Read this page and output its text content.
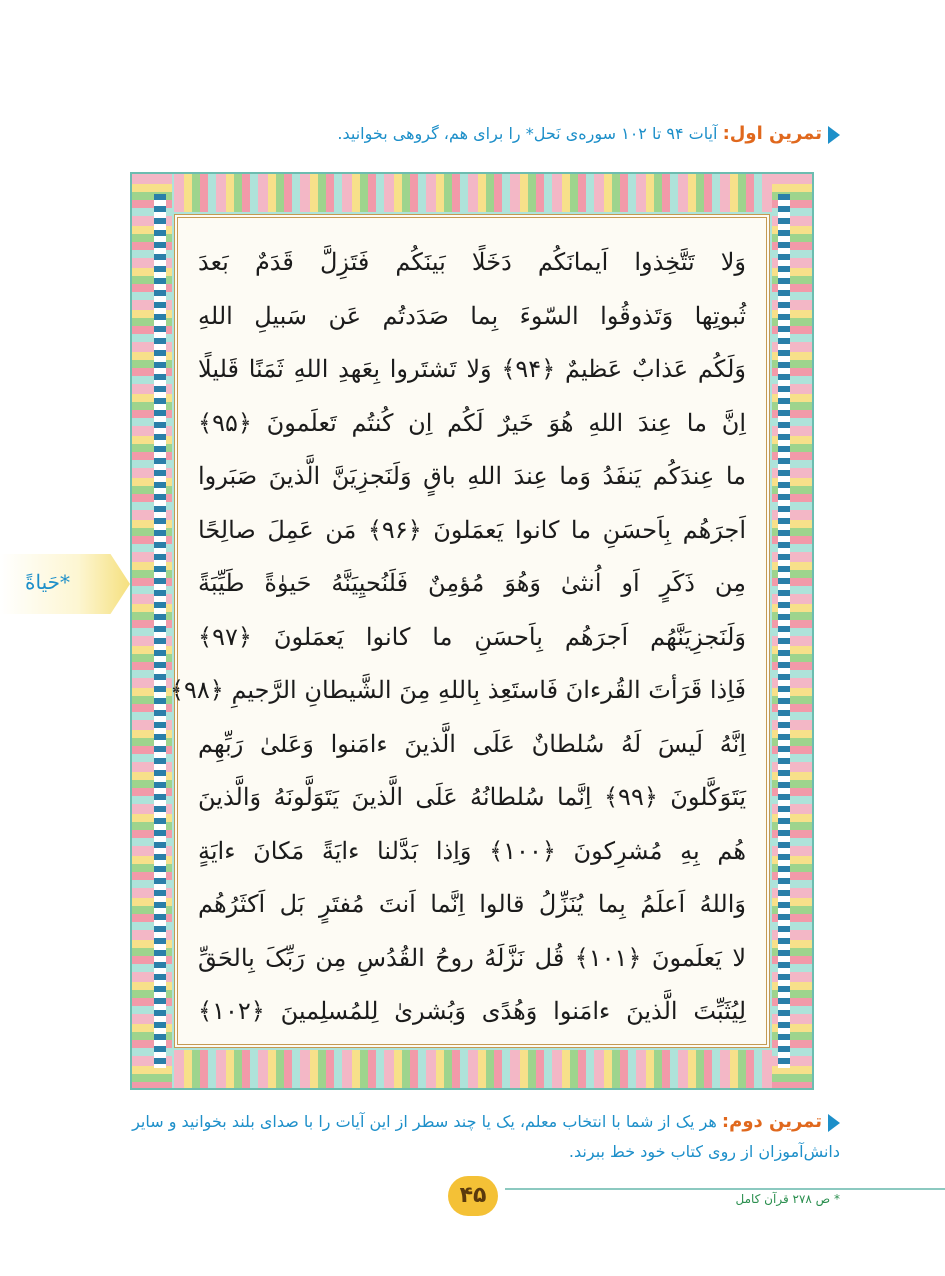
تمرین اول: آیات ۹۴ تا ۱۰۲ سوره‌ی نَحل* را برای هم، گروهی بخوانید.
وَلا تَتَّخِذوا اَیمانَکُم دَخَلًا بَینَکُم فَتَزِلَّ قَدَمٌ بَعدَ
ثُبوتِها وَتَذوقُوا السّوءَ بِما صَدَدتُم عَن سَبیلِ اللهِ
وَلَکُم عَذابٌ عَظیمٌ ﴿۹۴﴾ وَلا تَشتَروا بِعَهدِ اللهِ ثَمَنًا قَلیلًا
اِنَّ ما عِندَ اللهِ هُوَ خَیرٌ لَکُم اِن کُنتُم تَعلَمونَ ﴿۹۵﴾
ما عِندَکُم یَنفَدُ وَما عِندَ اللهِ باقٍ وَلَنَجزِیَنَّ الَّذینَ صَبَروا
اَجرَهُم بِاَحسَنِ ما کانوا یَعمَلونَ ﴿۹۶﴾ مَن عَمِلَ صالِحًا
مِن ذَکَرٍ اَو اُنثیٰ وَهُوَ مُؤمِنٌ فَلَنُحیِیَنَّهُ حَیوٰةً طَیِّبَةً
وَلَنَجزِیَنَّهُم اَجرَهُم بِاَحسَنِ ما کانوا یَعمَلونَ ﴿۹۷﴾
فَاِذا قَرَأتَ القُرءانَ فَاستَعِذ بِاللهِ مِنَ الشَّیطانِ الرَّجیمِ ﴿۹۸﴾
اِنَّهُ لَیسَ لَهُ سُلطانٌ عَلَی الَّذینَ ءامَنوا وَعَلیٰ رَبِّهِم
یَتَوَکَّلونَ ﴿۹۹﴾ اِنَّما سُلطانُهُ عَلَی الَّذینَ یَتَوَلَّونَهُ وَالَّذینَ
هُم بِهِ مُشرِکونَ ﴿۱۰۰﴾ وَاِذا بَدَّلنا ءایَةً مَکانَ ءایَةٍ
وَاللهُ اَعلَمُ بِما یُنَزِّلُ قالوا اِنَّما اَنتَ مُفتَرٍ بَل اَکثَرُهُم
لا یَعلَمونَ ﴿۱۰۱﴾ قُل نَزَّلَهُ روحُ القُدُسِ مِن رَبِّکَ بِالحَقِّ
لِیُثَبِّتَ الَّذینَ ءامَنوا وَهُدًی وَبُشریٰ لِلمُسلِمینَ ﴿۱۰۲﴾
*حَیاةً
تمرین دوم: هر یک از شما با انتخاب معلم، یک یا چند سطر از این آیات را با صدای بلند بخوانید و سایر دانش‌آموزان از روی کتاب خود خط ببرند.
۴۵	* ص ۲۷۸ قرآن کامل
